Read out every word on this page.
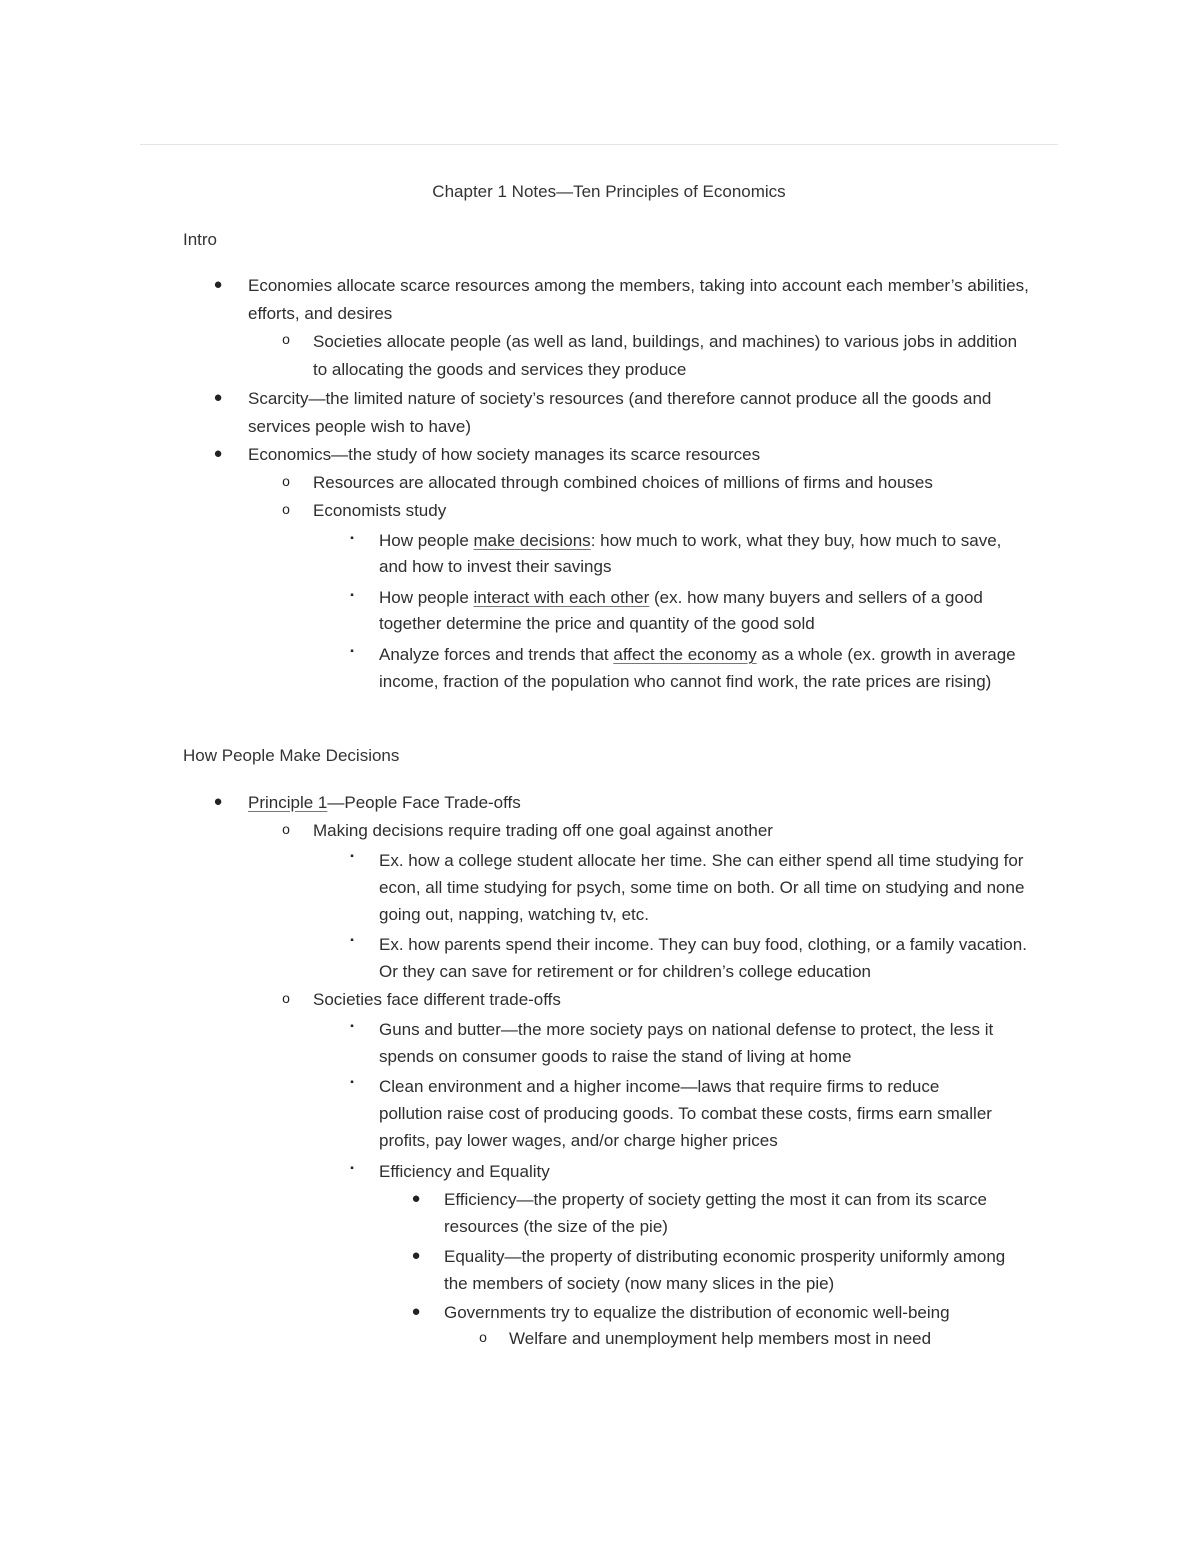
Chapter 1 Notes—Ten Principles of Economics
Intro
●	Economies allocate scarce resources among the members, taking into account each member’s abilities, efforts, and desires
o	Societies allocate people (as well as land, buildings, and machines) to various jobs in addition to allocating the goods and services they produce
●	Scarcity—the limited nature of society’s resources (and therefore cannot produce all the goods and services people wish to have)
●	Economics—the study of how society manages its scarce resources
o	Resources are allocated through combined choices of millions of firms and houses
o	Economists study
▪	How people make decisions: how much to work, what they buy, how much to save, and how to invest their savings
▪	How people interact with each other (ex. how many buyers and sellers of a good together determine the price and quantity of the good sold
▪	Analyze forces and trends that affect the economy as a whole (ex. growth in average income, fraction of the population who cannot find work, the rate prices are rising)
How People Make Decisions
●	Principle 1—People Face Trade-offs
o	Making decisions require trading off one goal against another
▪	Ex. how a college student allocate her time. She can either spend all time studying for econ, all time studying for psych, some time on both. Or all time on studying and none going out, napping, watching tv, etc.
▪	Ex. how parents spend their income. They can buy food, clothing, or a family vacation. Or they can save for retirement or for children’s college education
o	Societies face different trade-offs
▪	Guns and butter—the more society pays on national defense to protect, the less it spends on consumer goods to raise the stand of living at home
▪	Clean environment and a higher income—laws that require firms to reduce pollution raise cost of producing goods. To combat these costs, firms earn smaller profits, pay lower wages, and/or charge higher prices
▪	Efficiency and Equality
●	Efficiency—the property of society getting the most it can from its scarce resources (the size of the pie)
●	Equality—the property of distributing economic prosperity uniformly among the members of society (now many slices in the pie)
●	Governments try to equalize the distribution of economic well-being
o	Welfare and unemployment help members most in need
